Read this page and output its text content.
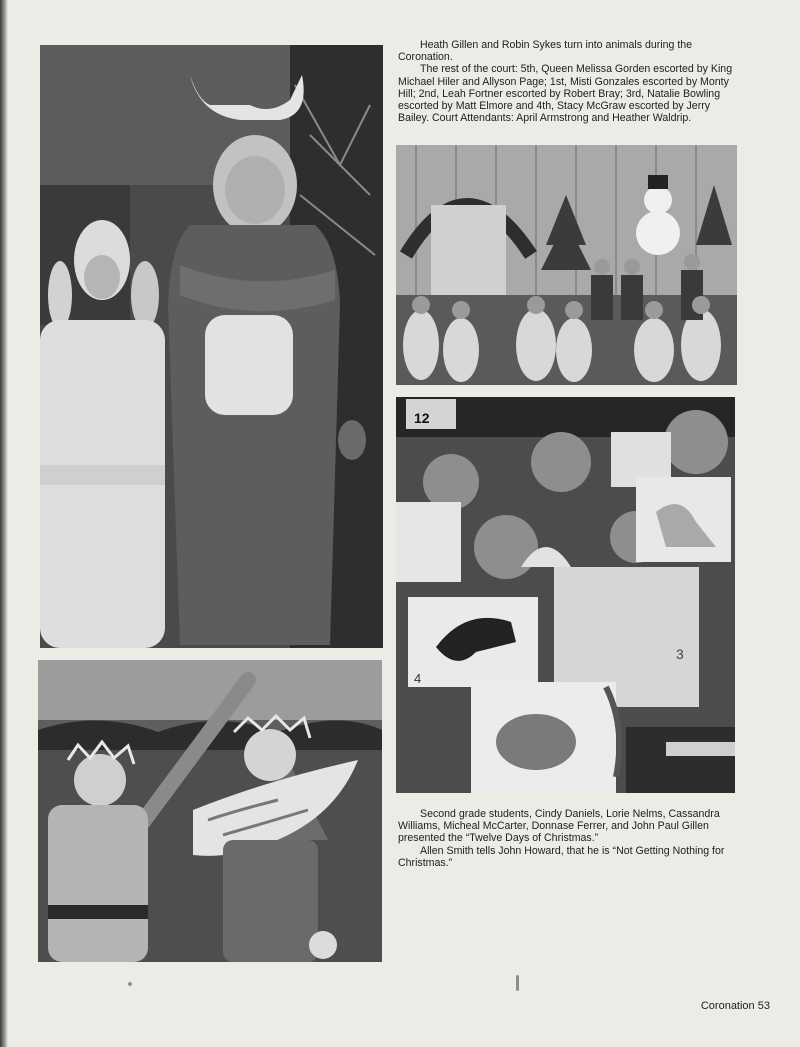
12
4
3

Heath Gillen and Robin Sykes turn into animals during the Coronation.

The rest of the court: 5th, Queen Melissa Gorden escorted by King Michael Hiler and Allyson Page; 1st, Misti Gonzales escorted by Monty Hill; 2nd, Leah Fortner escorted by Robert Bray; 3rd, Natalie Bowling escorted by Matt Elmore and 4th, Stacy McGraw escorted by Jerry Bailey. Court Attendants: April Armstrong and Heather Waldrip.

Second grade students, Cindy Daniels, Lorie Nelms, Cassandra Williams, Micheal McCarter, Donnase Ferrer, and John Paul Gillen presented the “Twelve Days of Christmas.”

Allen Smith tells John Howard, that he is “Not Getting Nothing for Christmas.”

Coronation 53
